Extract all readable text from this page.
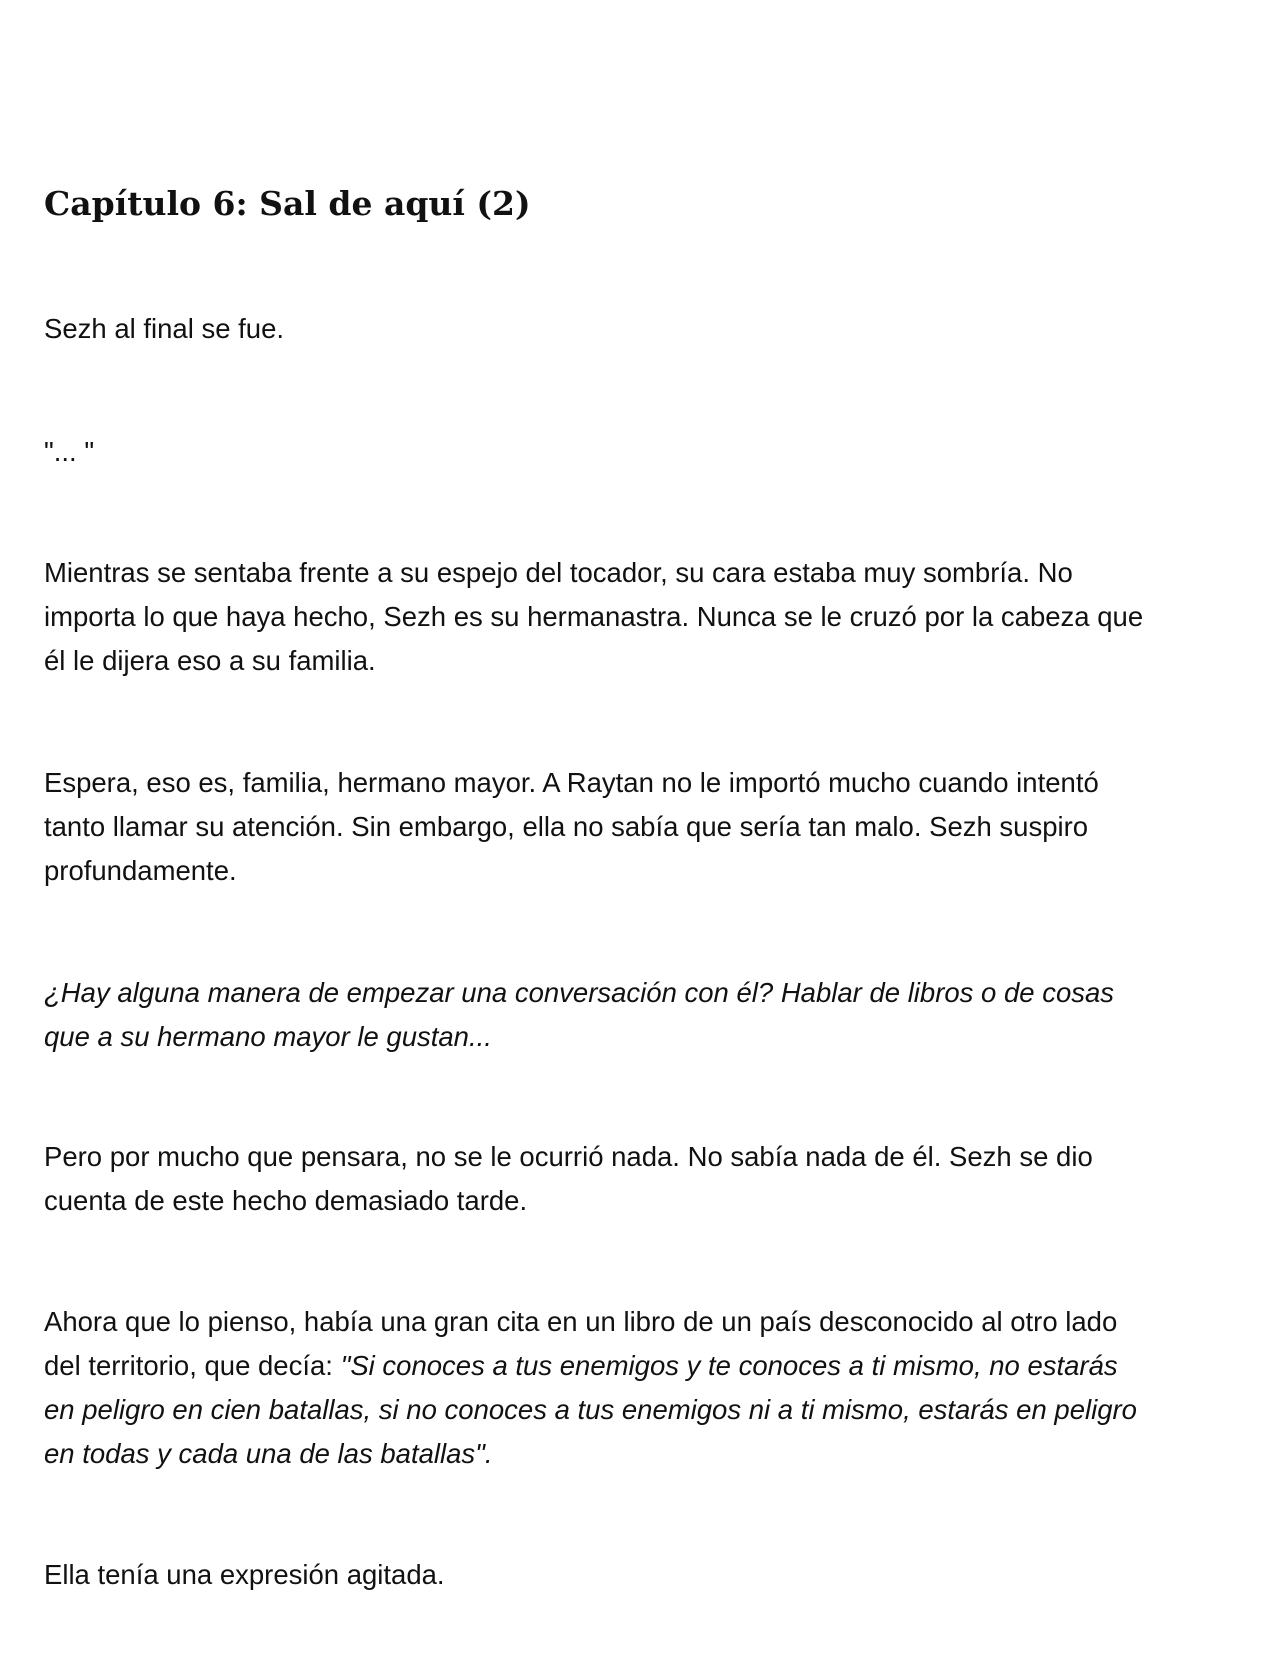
Capítulo 6: Sal de aquí (2)

Sezh al final se fue.

"... "

Mientras se sentaba frente a su espejo del tocador, su cara estaba muy sombría. No
importa lo que haya hecho, Sezh es su hermanastra. Nunca se le cruzó por la cabeza que
él le dijera eso a su familia.

Espera, eso es, familia, hermano mayor. A Raytan no le importó mucho cuando intentó
tanto llamar su atención. Sin embargo, ella no sabía que sería tan malo. Sezh suspiro
profundamente.

¿Hay alguna manera de empezar una conversación con él? Hablar de libros o de cosas
que a su hermano mayor le gustan...

Pero por mucho que pensara, no se le ocurrió nada. No sabía nada de él. Sezh se dio
cuenta de este hecho demasiado tarde.

Ahora que lo pienso, había una gran cita en un libro de un país desconocido al otro lado
del territorio, que decía: "Si conoces a tus enemigos y te conoces a ti mismo, no estarás
en peligro en cien batallas, si no conoces a tus enemigos ni a ti mismo, estarás en peligro
en todas y cada una de las batallas".

Ella tenía una expresión agitada.
